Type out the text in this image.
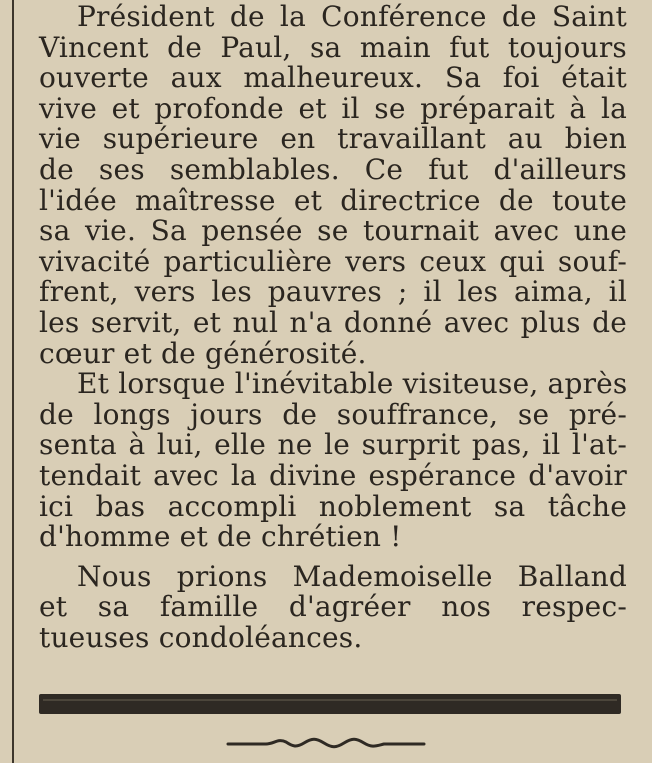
Président de la Conférence de Saint
Vincent de Paul, sa main fut toujours
ouverte aux malheureux. Sa foi était
vive et profonde et il se préparait à la
vie supérieure en travaillant au bien
de ses semblables. Ce fut d'ailleurs
l'idée maîtresse et directrice de toute
sa vie. Sa pensée se tournait avec une
vivacité particulière vers ceux qui souf-
frent, vers les pauvres ; il les aima, il
les servit, et nul n'a donné avec plus de
cœur et de générosité.

Et lorsque l'inévitable visiteuse, après
de longs jours de souffrance, se pré-
senta à lui, elle ne le surprit pas, il l'at-
tendait avec la divine espérance d'avoir
ici bas accompli noblement sa tâche
d'homme et de chrétien !

Nous prions Mademoiselle Balland
et sa famille d'agréer nos respec-
tueuses condoléances.
